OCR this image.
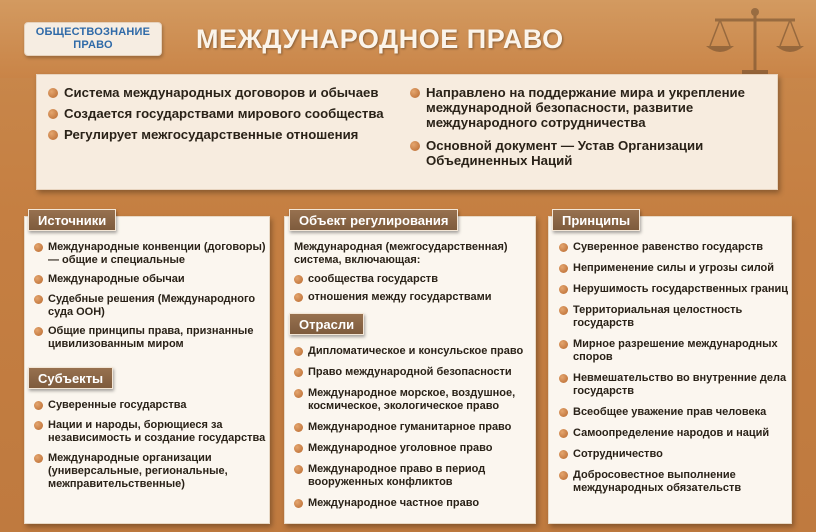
ОБЩЕСТВОЗНАНИЕ
ПРАВО	МЕЖДУНАРОДНОЕ ПРАВО
Система международных договоров и обычаев
Создается государствами мирового сообщества
Регулирует межгосударственные отношения
Направлено на поддержание мира и укрепление международной безопасности, развитие международного сотрудничества
Основной документ — Устав Организации Объединенных Наций
Источники
Международные конвенции (договоры) — общие и специальные
Международные обычаи
Судебные решения (Международного суда ООН)
Общие принципы права, признанные цивилизованным миром
Субъекты
Суверенные государства
Нации и народы, борющиеся за независимость и создание государства
Международные организации (универсальные, региональные, межправительственные)
Объект регулирования
Международная (межгосударственная) система, включающая:
сообщества государств
отношения между государствами
Отрасли
Дипломатическое и консульское право
Право международной безопасности
Международное морское, воздушное, космическое, экологическое право
Международное гуманитарное право
Международное уголовное право
Международное право в период вооруженных конфликтов
Международное частное право
Принципы
Суверенное равенство государств
Неприменение силы и угрозы силой
Нерушимость государственных границ
Территориальная целостность государств
Мирное разрешение международных споров
Невмешательство во внутренние дела государств
Всеобщее уважение прав человека
Самоопределение народов и наций
Сотрудничество
Добросовестное выполнение международных обязательств
